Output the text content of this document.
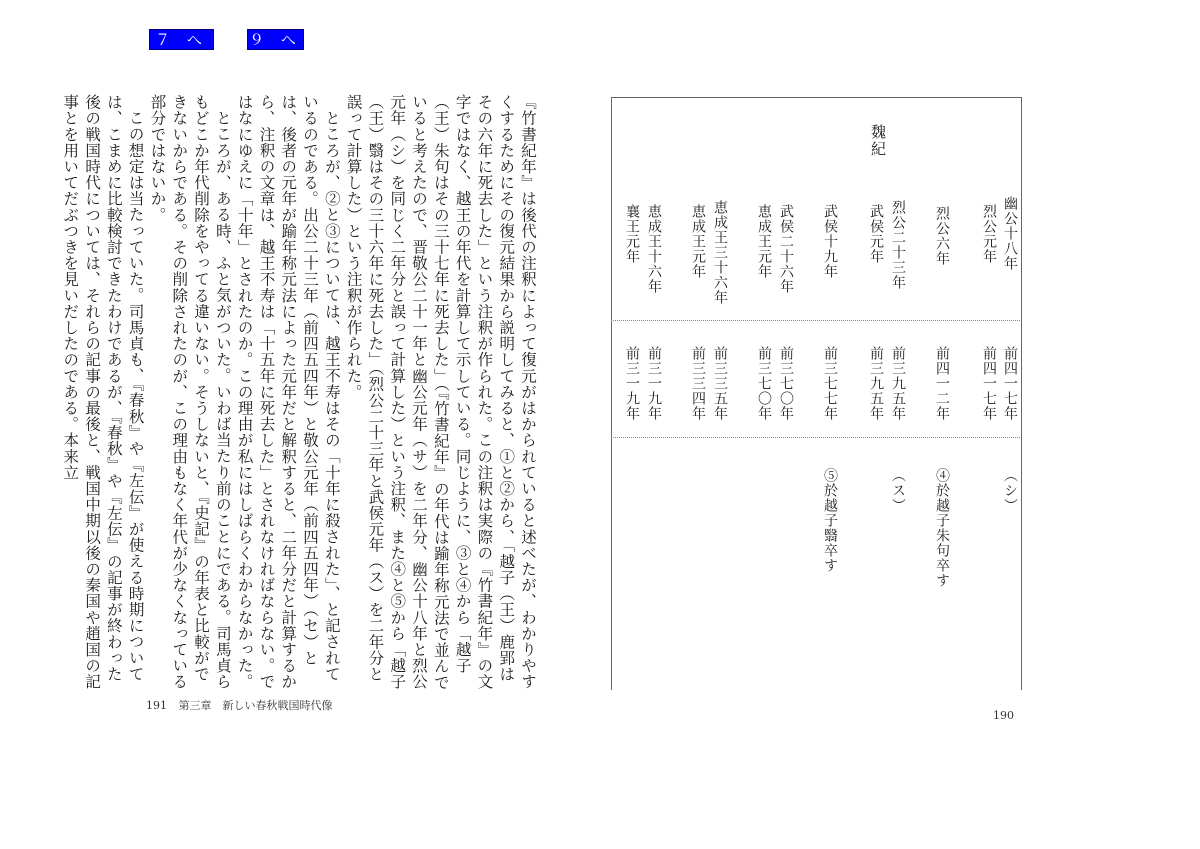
７ へ	９ へ

『竹書紀年』は後代の注釈によって復元がはかられていると述べたが、わかりやすくするためにその復元結果から説明してみると、①と②から、「越子（王）鹿郢はその六年に死去した」という注釈が作られた。この注釈は実際の『竹書紀年』の文字ではなく、越王の年代を計算して示している。同じように、③と④から「越子（王）朱句はその三十七年に死去した」（『竹書紀年』の年代は踰年称元法で並んでいると考えたので、晋敬公二十一年と幽公元年（サ）を二年分、幽公十八年と烈公元年（シ）を同じく二年分と誤って計算した）という注釈、また④と⑤から「越子（王）翳はその三十六年に死去した」（烈公二十三年と武侯元年（ス）を二年分と誤って計算した）という注釈が作られた。

ところが、②と③については、越王不寿はその「十年に殺された」、と記されているのである。出公二十三年（前四五四年）と敬公元年（前四五四年）（セ）とは、後者の元年が踰年称元法によった元年だと解釈すると、二年分だと計算するから、注釈の文章は、越王不寿は「十五年に死去した」とされなければならない。ではなにゆえに「十年」とされたのか。この理由が私にはしばらくわからなかった。

ところが、ある時、ふと気がついた。いわば当たり前のことにである。司馬貞らもどこか年代削除をやってる違いない。そうしないと、『史記』の年表と比較ができないからである。その削除されたのが、この理由もなく年代が少なくなっている部分ではないか。

この想定は当たっていた。司馬貞も、『春秋』や『左伝』が使える時期については、こまめに比較検討できたわけであるが、『春秋』や『左伝』の記事が終わった後の戦国時代については、それらの記事の最後と、戦国中期以後の秦国や趙国の記事とを用いてだぶつきを見いだしたのである。本来立

191 第三章　新しい春秋戦国時代像
魏紀
幽公十八年
烈公元年
烈公六年
烈公二十三年
武侯元年
武侯十九年
武侯二十六年
恵成王元年
恵成王三十六年
恵成王元年
恵成王十六年
襄王元年
前四一七年
前四一七年
前四一二年
前三九五年
前三九五年
前三七七年
前三七〇年
前三七〇年
前三三五年
前三三四年
前三一九年
前三一九年
（シ）
④於越子朱句卒す
（ス）
⑤於越子翳卒す
190
